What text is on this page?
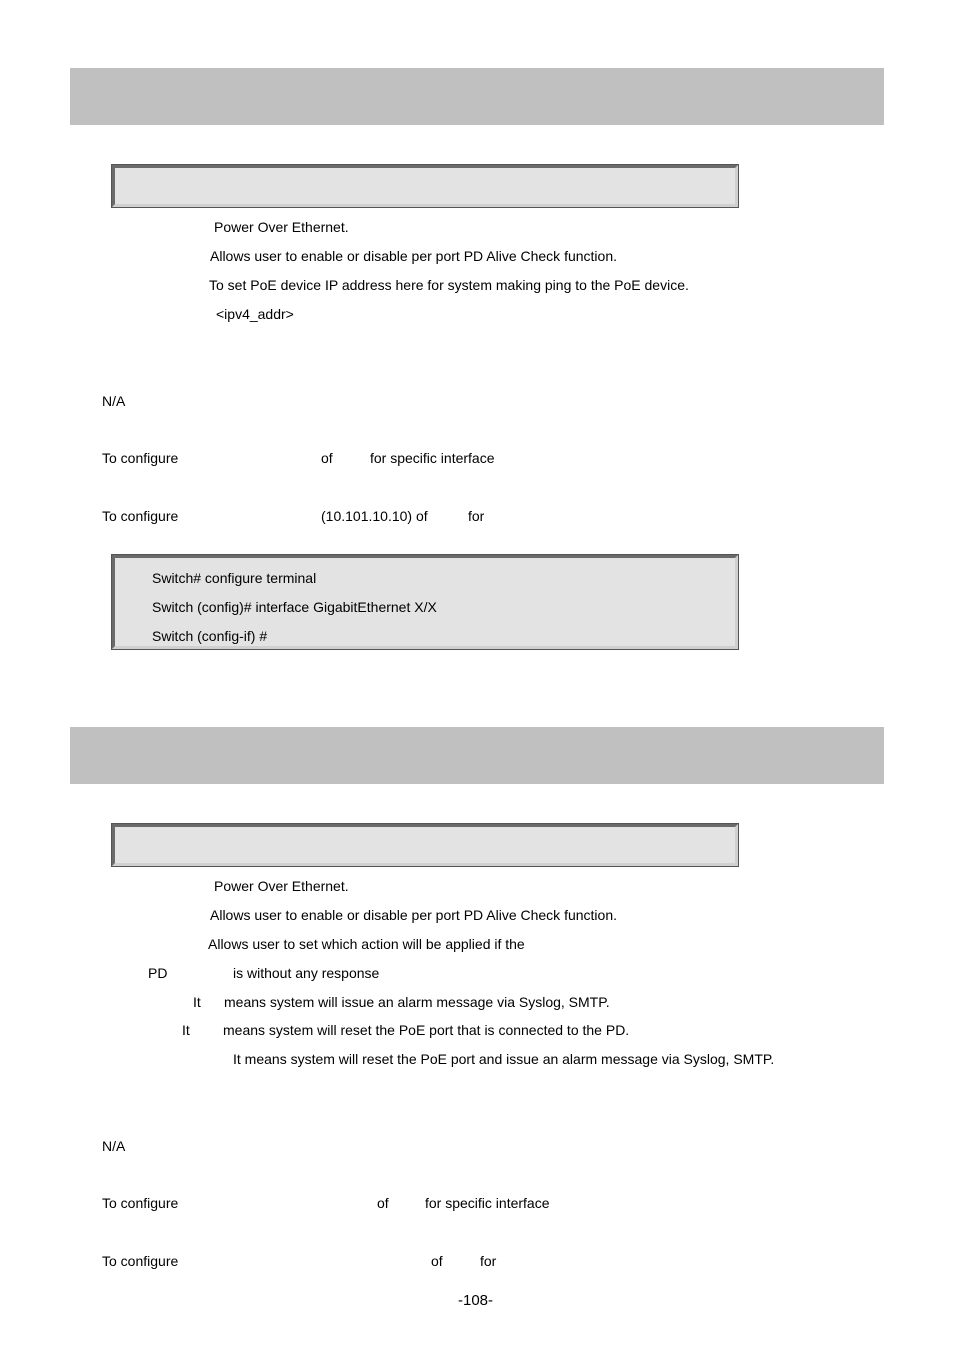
Power Over Ethernet.
Allows user to enable or disable per port PD Alive Check function.
To set PoE device IP address here for system making ping to the PoE device.
<ipv4_addr>
N/A
To configure	of	for specific interface
To configure	(10.101.10.10) of	for
Switch# configure terminal
Switch (config)# interface GigabitEthernet X/X
Switch (config-if) #
Power Over Ethernet.
Allows user to enable or disable per port PD Alive Check function.
Allows user to set which action will be applied if the
PD	is without any response
It means system will issue an alarm message via Syslog, SMTP.
It means system will reset the PoE port that is connected to the PD.
It means system will reset the PoE port and issue an alarm message via Syslog, SMTP.
N/A
To configure	of	for specific interface
To configure	of	for
-108-
